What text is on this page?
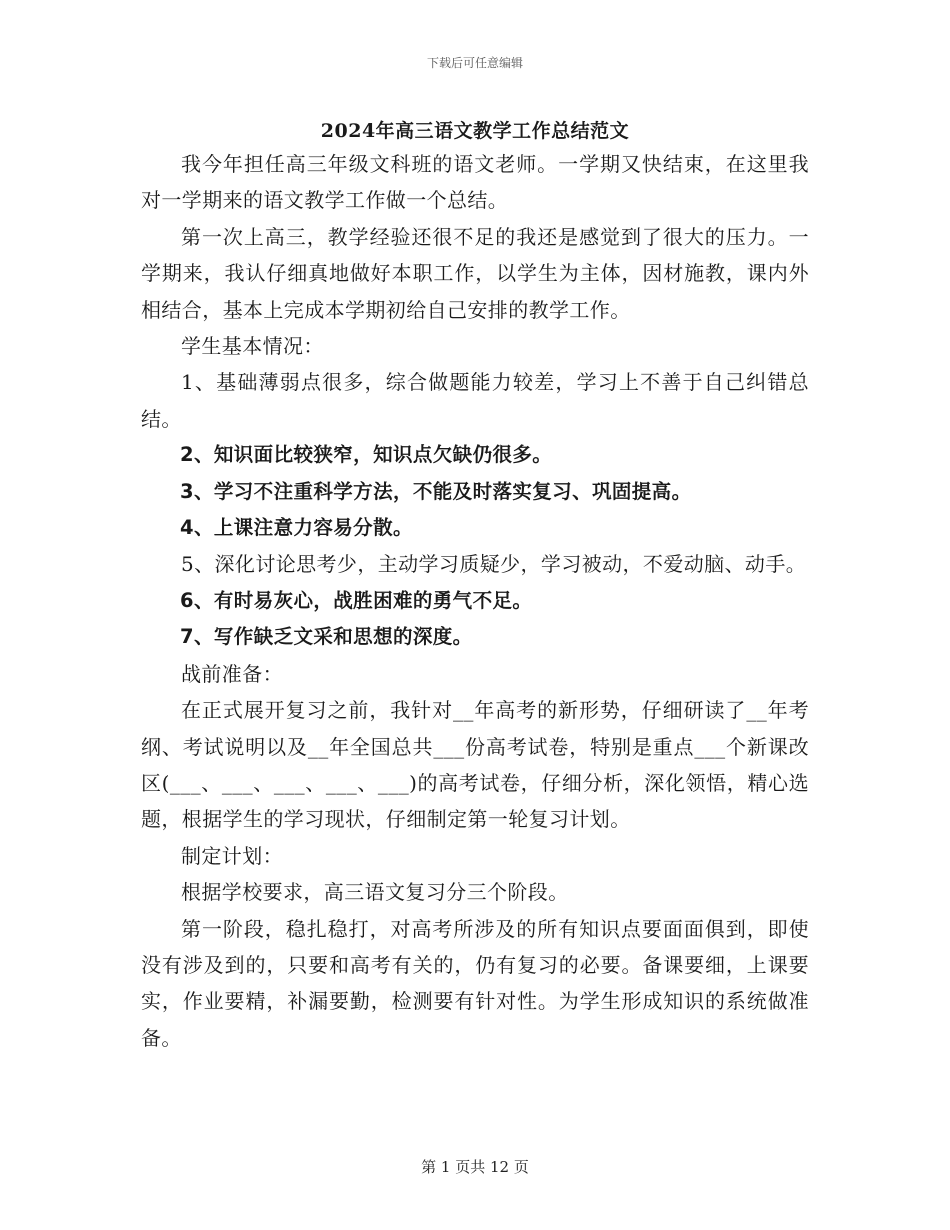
下载后可任意编辑
2024年高三语文教学工作总结范文

我今年担任高三年级文科班的语文老师。一学期又快结束，在这里我对一学期来的语文教学工作做一个总结。

第一次上高三，教学经验还很不足的我还是感觉到了很大的压力。一学期来，我认仔细真地做好本职工作，以学生为主体，因材施教，课内外相结合，基本上完成本学期初给自己安排的教学工作。

学生基本情况：

1、基础薄弱点很多，综合做题能力较差，学习上不善于自己纠错总结。

2、知识面比较狭窄，知识点欠缺仍很多。

3、学习不注重科学方法，不能及时落实复习、巩固提高。

4、上课注意力容易分散。

5、深化讨论思考少，主动学习质疑少，学习被动，不爱动脑、动手。

6、有时易灰心，战胜困难的勇气不足。

7、写作缺乏文采和思想的深度。

战前准备：

在正式展开复习之前，我针对__年高考的新形势，仔细研读了__年考纲、考试说明以及__年全国总共___份高考试卷，特别是重点___个新课改区(___、___、___、___、___)的高考试卷，仔细分析，深化领悟，精心选题，根据学生的学习现状，仔细制定第一轮复习计划。

制定计划：

根据学校要求，高三语文复习分三个阶段。

第一阶段，稳扎稳打，对高考所涉及的所有知识点要面面俱到，即使没有涉及到的，只要和高考有关的，仍有复习的必要。备课要细，上课要实，作业要精，补漏要勤，检测要有针对性。为学生形成知识的系统做准备。

第 1 页共 12 页
